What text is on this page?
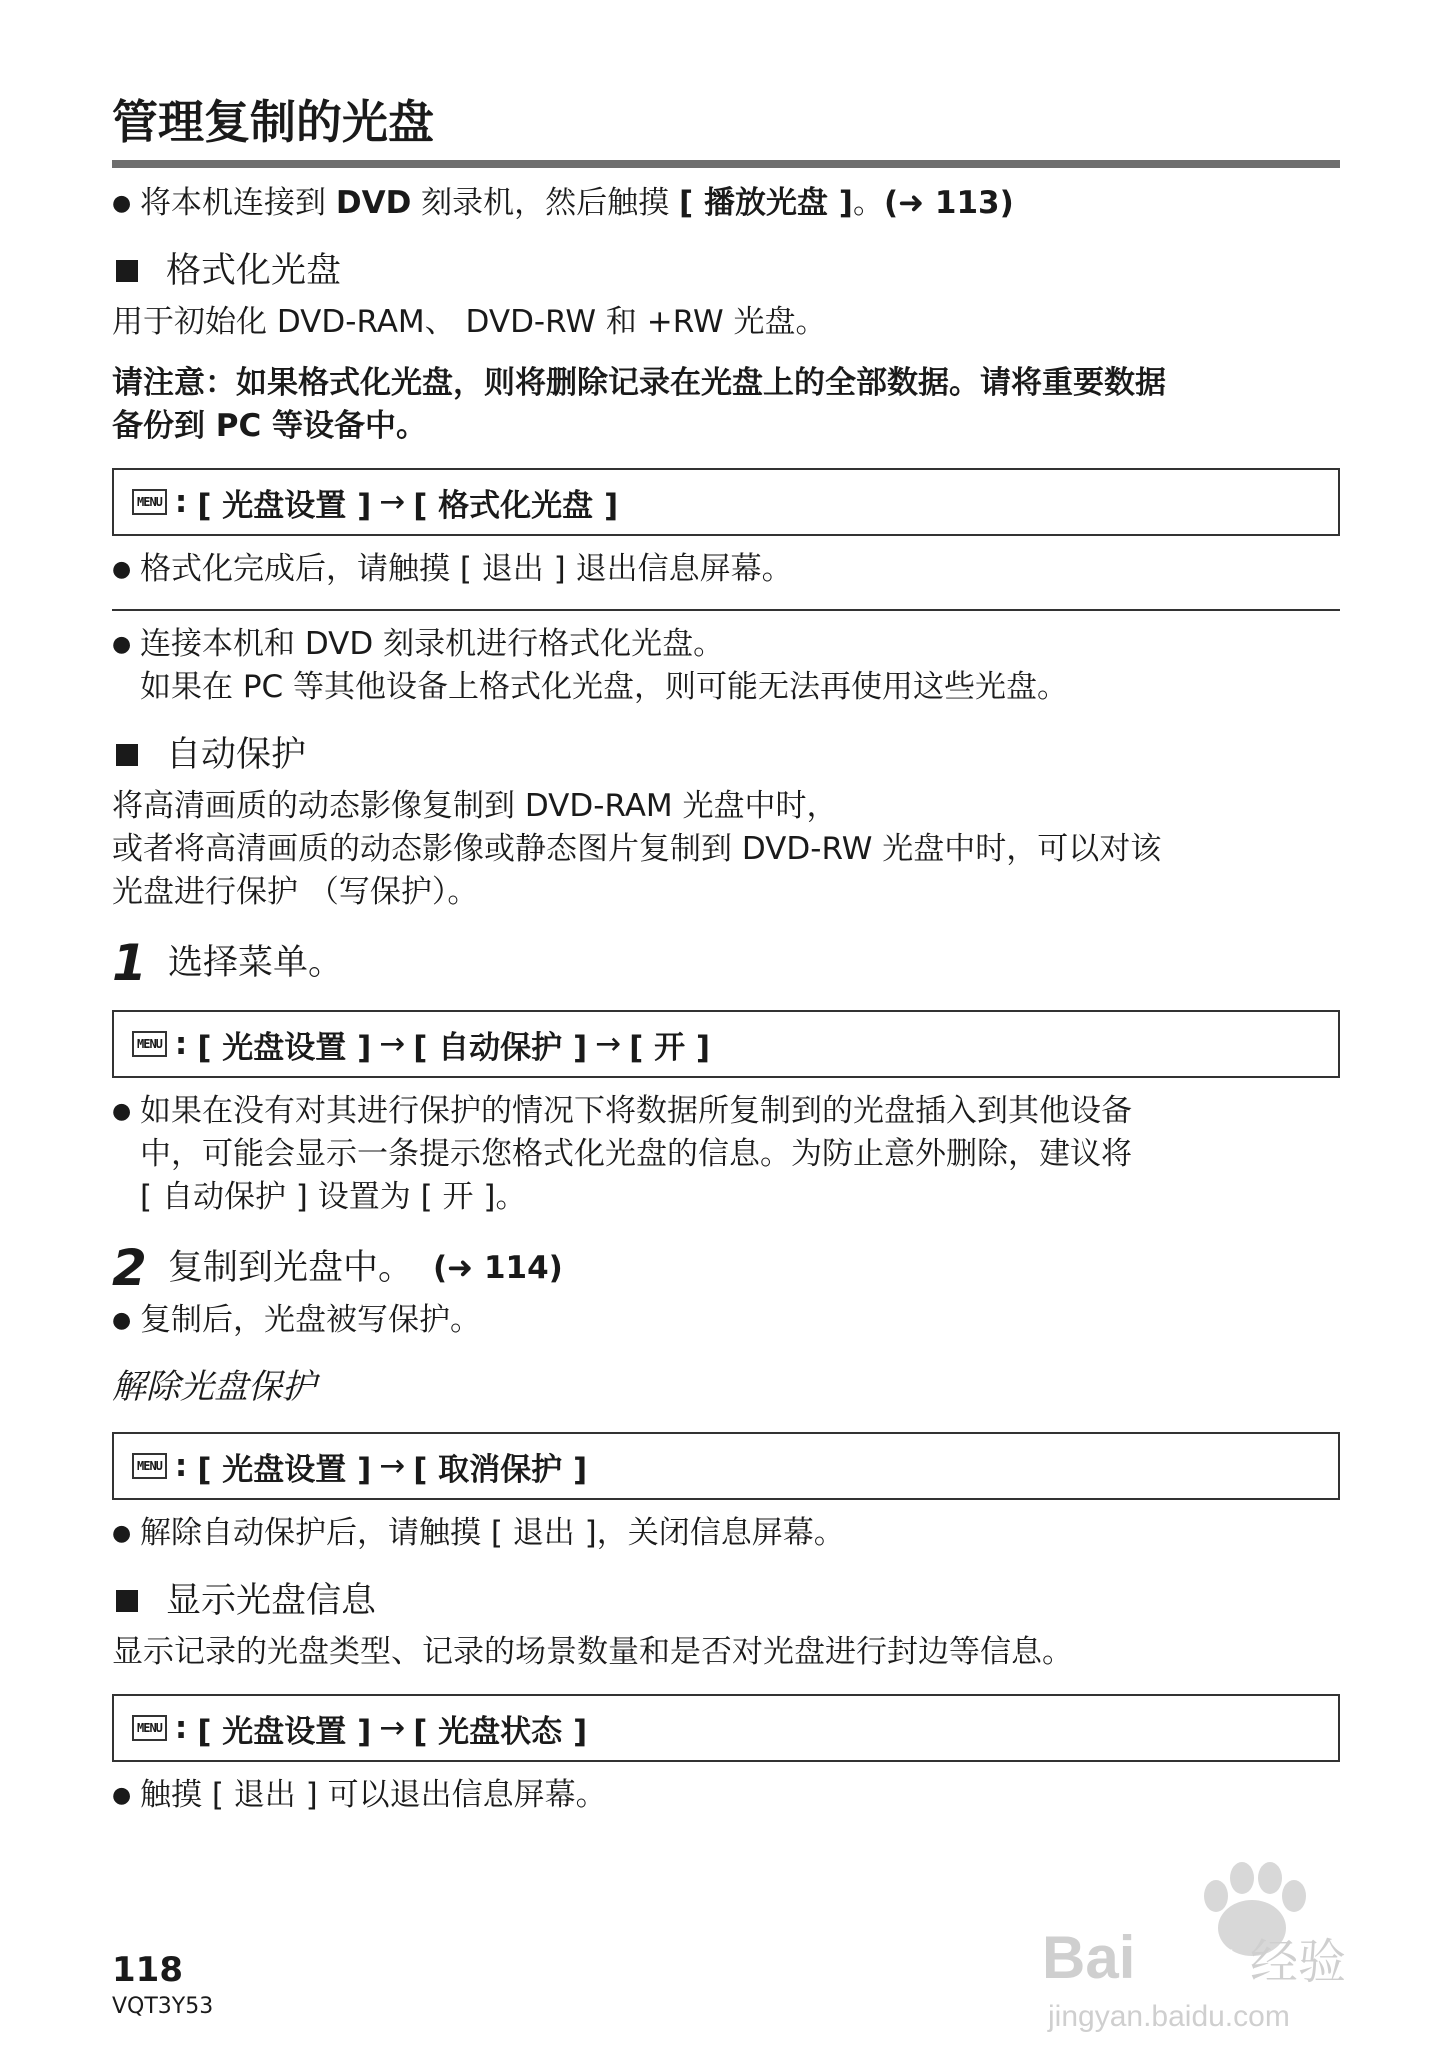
管理复制的光盘
● 将本机连接到 DVD 刻录机，然后触摸 [ 播放光盘 ]。(➜ 113)
格式化光盘

用于初始化 DVD-RAM、 DVD-RW 和 +RW 光盘。

请注意：如果格式化光盘，则将删除记录在光盘上的全部数据。请将重要数据
备份到 PC 等设备中。

MENU : [ 光盘设置 ] → [ 格式化光盘 ]
● 格式化完成后，请触摸 [ 退出 ] 退出信息屏幕。
● 连接本机和 DVD 刻录机进行格式化光盘。
如果在 PC 等其他设备上格式化光盘，则可能无法再使用这些光盘。
自动保护

将高清画质的动态影像复制到 DVD-RAM 光盘中时，
或者将高清画质的动态影像或静态图片复制到 DVD-RW 光盘中时，可以对该
光盘进行保护 （写保护）。

1 选择菜单。
MENU : [ 光盘设置 ] → [ 自动保护 ] → [ 开 ]
● 如果在没有对其进行保护的情况下将数据所复制到的光盘插入到其他设备
中，可能会显示一条提示您格式化光盘的信息。为防止意外删除，建议将
[ 自动保护 ] 设置为 [ 开 ]。
2 复制到光盘中。 (➜ 114)
● 复制后，光盘被写保护。
解除光盘保护
MENU : [ 光盘设置 ] → [ 取消保护 ]
● 解除自动保护后，请触摸 [ 退出 ]，关闭信息屏幕。
显示光盘信息

显示记录的光盘类型、记录的场景数量和是否对光盘进行封边等信息。

MENU : [ 光盘设置 ] → [ 光盘状态 ]
● 触摸 [ 退出 ] 可以退出信息屏幕。
118
VQT3Y53
Bai du 经验
jingyan.baidu.com
